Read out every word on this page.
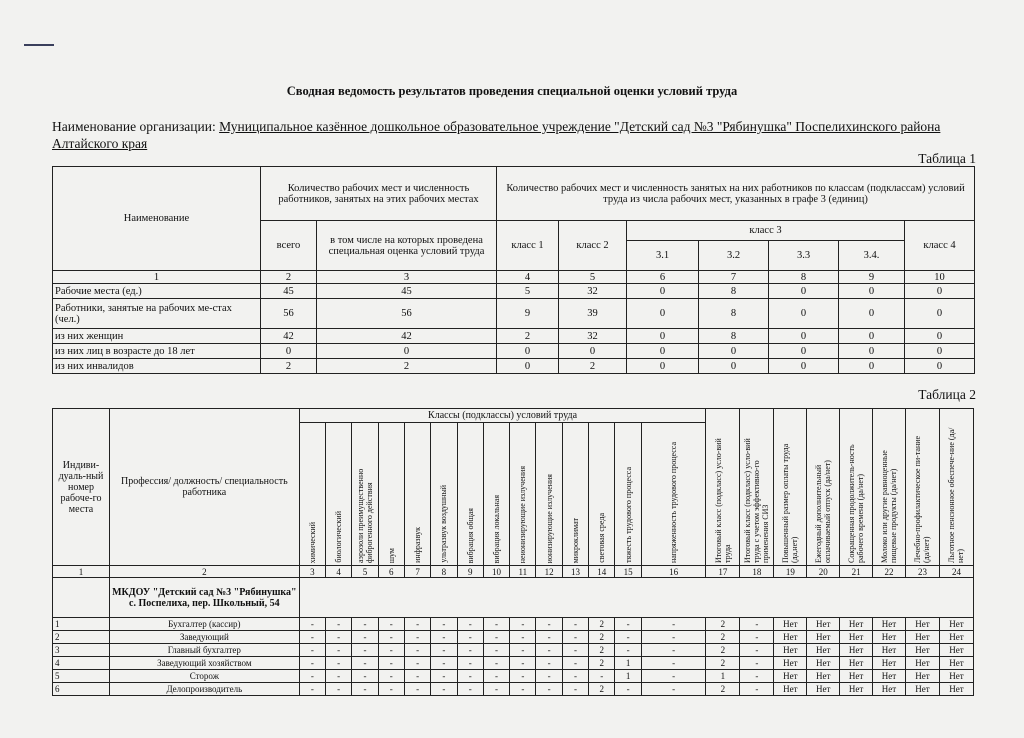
Сводная ведомость результатов проведения специальной оценки условий труда
Наименование организации: Муниципальное казённое дошкольное образовательное учреждение "Детский сад №3 "Рябинушка" Поспелихинского района Алтайского края
Таблица 1
Наименование	Количество рабочих мест и численность работников, занятых на этих рабочих местах		Количество рабочих мест и численность занятых на них работников по классам (подклассам) условий труда из числа рабочих мест, указанных в графе 3 (единиц)						
	всего	в том числе на которых проведена специальная оценка условий труда	класс 1	класс 2	класс 3				класс 4
					3.1	3.2	3.3	3.4.	
1	2	3	4	5	6	7	8	9	10
Рабочие места (ед.)	45	45	5	32	0	8	0	0	0
Работники, занятые на рабочих ме-стах (чел.)	56	56	9	39	0	8	0	0	0
из них женщин	42	42	2	32	0	8	0	0	0
из них лиц в возрасте до 18 лет	0	0	0	0	0	0	0	0	0
из них инвалидов	2	2	0	2	0	0	0	0	0
Таблица 2
Индиви-дуаль-ный номер рабоче-го места	Профессия/ должность/ специальность работника	Классы (подклассы) условий труда														Итоговый класс (подкласс) усло-вий труда	Итоговый класс (подкласс) усло-вий труда с учетом эффективно-го применения СИЗ	Повышенный размер оплаты труда (да,нет)	Ежегодный дополнительный оплачиваемый отпуск (да/нет)	Сокращенная продолжитель-ность рабочего времени (да/нет)	Молоко или другие равноценные пищевые продукты (да/нет)	Лечебно-профилактическое пи-тание (да/нет)	Льготное пенсионное обеспече-ние (да/нет)
		химический	биологический	аэрозоли преимущественно фиброгенного действия	шум	инфразвук	ультразвук воздушный	вибрация общая	вибрация локальная	неионизирующие излучения	ионизирующие излучения	микроклимат	световая среда	тяжесть трудового процесса	напряженность трудового процесса								
1	2	3	4	5	6	7	8	9	10	11	12	13	14	15	16	17	18	19	20	21	22	23	24
	МКДОУ "Детский сад №3 "Рябинушка" с. Поспелиха, пер. Школьный, 54																						
1	Бухгалтер (кассир)	-	-	-	-	-	-	-	-	-	-	-	2	-	-	2	-	Нет	Нет	Нет	Нет	Нет	Нет
2	Заведующий	-	-	-	-	-	-	-	-	-	-	-	2	-	-	2	-	Нет	Нет	Нет	Нет	Нет	Нет
3	Главный бухгалтер	-	-	-	-	-	-	-	-	-	-	-	2	-	-	2	-	Нет	Нет	Нет	Нет	Нет	Нет
4	Заведующий хозяйством	-	-	-	-	-	-	-	-	-	-	-	2	1	-	2	-	Нет	Нет	Нет	Нет	Нет	Нет
5	Сторож	-	-	-	-	-	-	-	-	-	-	-	-	1	-	1	-	Нет	Нет	Нет	Нет	Нет	Нет
6	Делопроизводитель	-	-	-	-	-	-	-	-	-	-	-	2	-	-	2	-	Нет	Нет	Нет	Нет	Нет	Нет
